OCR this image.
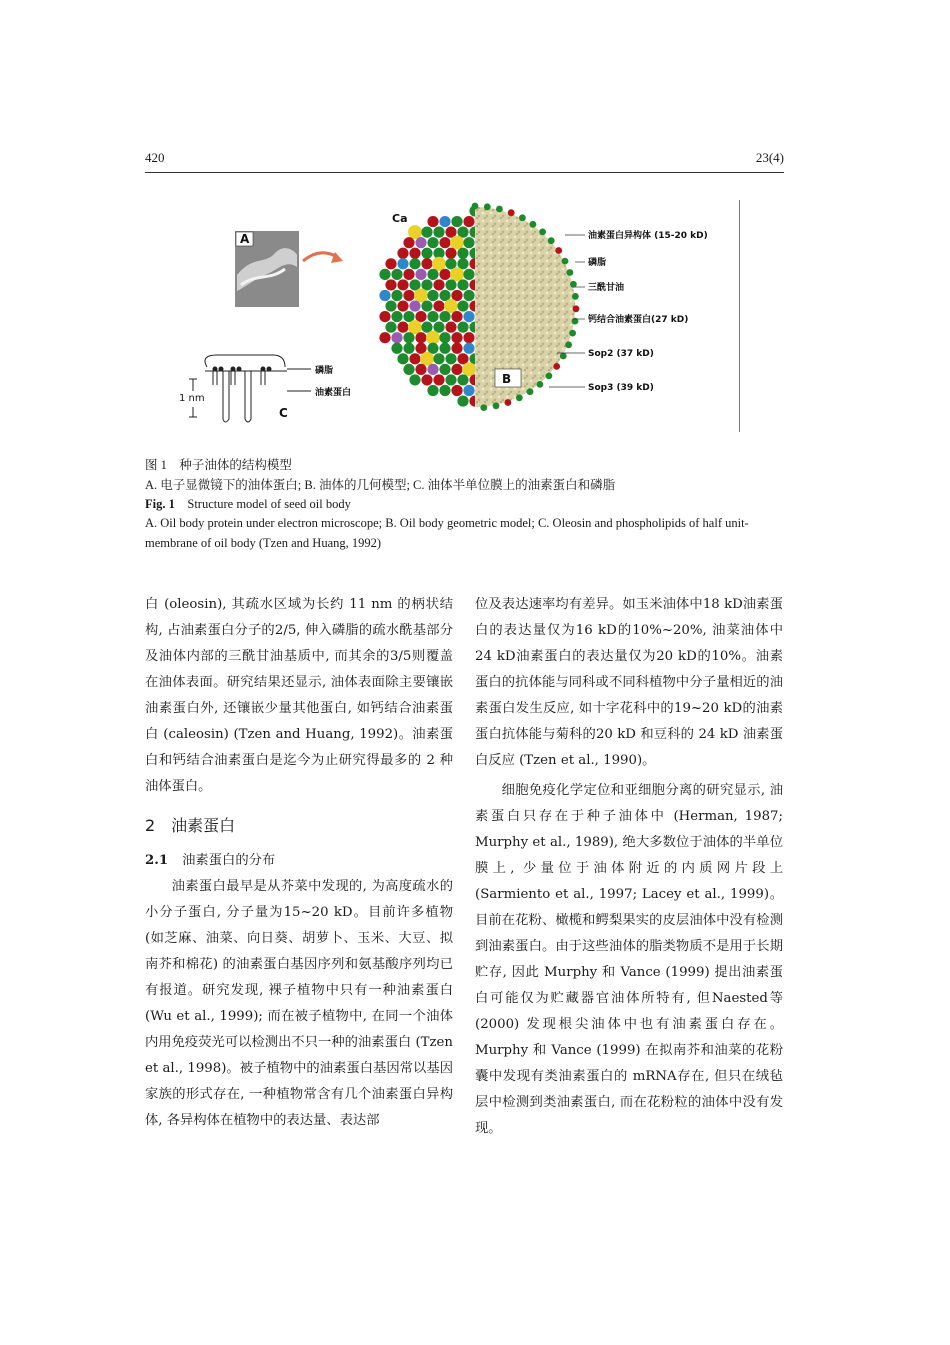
420	23(4)
A
B
Ca
油素蛋白异构体 (15-20 kD)
磷脂
三酰甘油
钙结合油素蛋白(27 kD)
Sop2 (37 kD)
Sop3 (39 kD)
磷脂
油素蛋白
1 nm
C
图 1　 种子油体的结构模型
A. 电子显微镜下的油体蛋白; B. 油体的几何模型; C. 油体半单位膜上的油素蛋白和磷脂
Fig. 1　 Structure model of seed oil body
A. Oil body protein under electron microscope; B. Oil body geometric model; C. Oleosin and phospholipids of half unit-membrane of oil body (Tzen and Huang, 1992)

白 (oleosin), 其疏水区域为长约 11 nm 的柄状结构, 占油素蛋白分子的2/5, 伸入磷脂的疏水酰基部分及油体内部的三酰甘油基质中, 而其余的3/5则覆盖在油体表面。研究结果还显示, 油体表面除主要镶嵌油素蛋白外, 还镶嵌少量其他蛋白, 如钙结合油素蛋白 (caleosin) (Tzen and Huang, 1992)。油素蛋白和钙结合油素蛋白是迄今为止研究得最多的 2 种油体蛋白。

2　油素蛋白

2.1 油素蛋白的分布

油素蛋白最早是从芥菜中发现的, 为高度疏水的小分子蛋白, 分子量为15~20 kD。目前许多植物 (如芝麻、油菜、向日葵、胡萝卜、玉米、大豆、拟南芥和棉花) 的油素蛋白基因序列和氨基酸序列均已有报道。研究发现, 裸子植物中只有一种油素蛋白 (Wu et al., 1999); 而在被子植物中, 在同一个油体内用免疫荧光可以检测出不只一种的油素蛋白 (Tzen et al., 1998)。被子植物中的油素蛋白基因常以基因家族的形式存在, 一种植物常含有几个油素蛋白异构体, 各异构体在植物中的表达量、表达部

位及表达速率均有差异。如玉米油体中18 kD油素蛋白的表达量仅为16 kD的10%~20%, 油菜油体中24 kD油素蛋白的表达量仅为20 kD的10%。油素蛋白的抗体能与同科或不同科植物中分子量相近的油素蛋白发生反应, 如十字花科中的19~20 kD的油素蛋白抗体能与菊科的20 kD 和豆科的 24 kD 油素蛋白反应 (Tzen et al., 1990)。

细胞免疫化学定位和亚细胞分离的研究显示, 油素蛋白只存在于种子油体中 (Herman, 1987; Murphy et al., 1989), 绝大多数位于油体的半单位膜上, 少量位于油体附近的内质网片段上 (Sarmiento et al., 1997; Lacey et al., 1999)。目前在花粉、橄榄和鳄梨果实的皮层油体中没有检测到油素蛋白。由于这些油体的脂类物质不是用于长期贮存, 因此 Murphy 和 Vance (1999) 提出油素蛋白可能仅为贮藏器官油体所特有, 但Naested等 (2000) 发现根尖油体中也有油素蛋白存在。Murphy 和 Vance (1999) 在拟南芥和油菜的花粉囊中发现有类油素蛋白的 mRNA存在, 但只在绒毡层中检测到类油素蛋白, 而在花粉粒的油体中没有发现。
